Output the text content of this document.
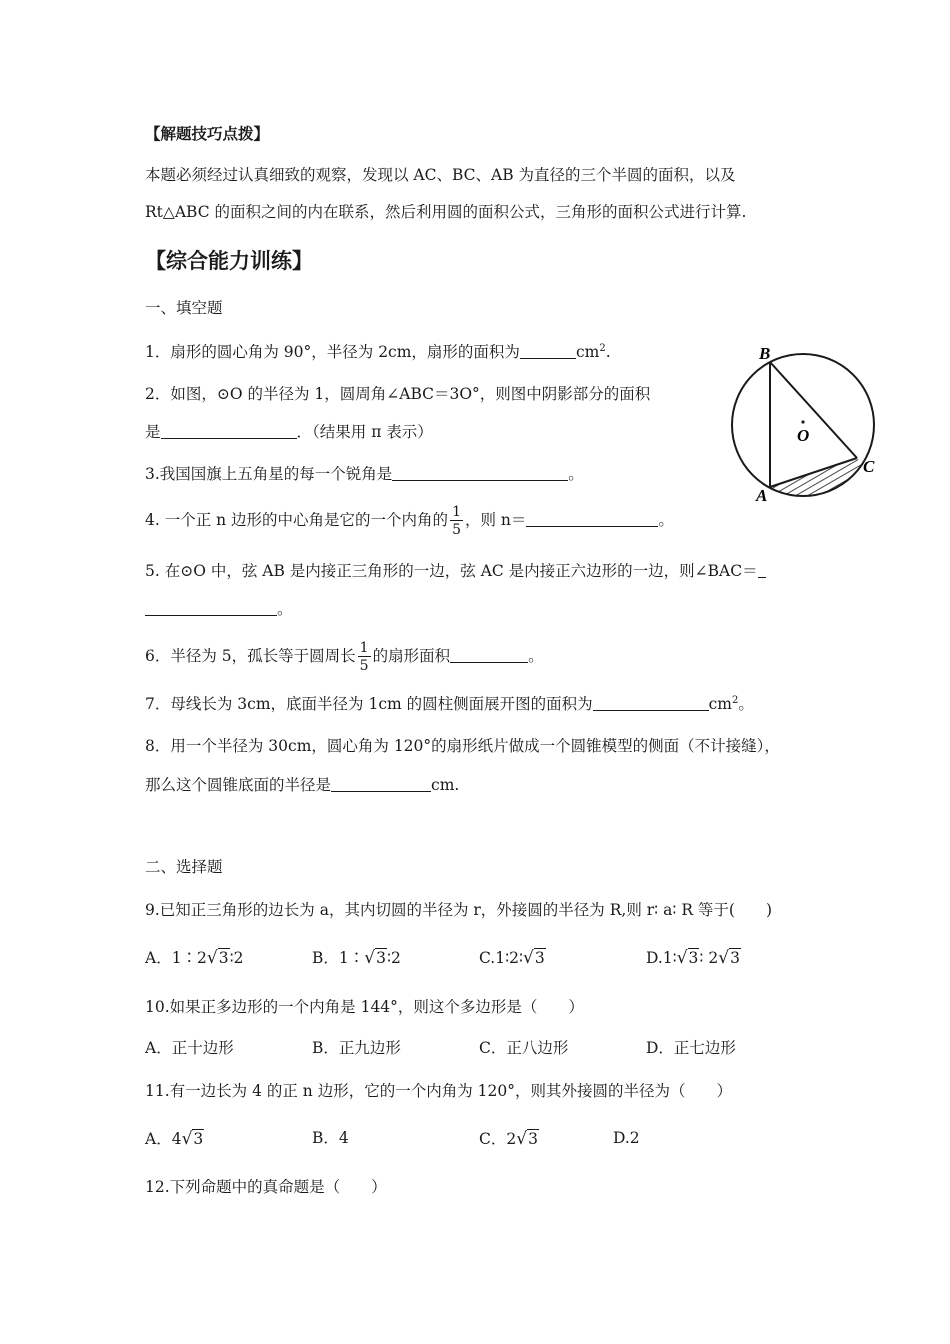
【解题技巧点拨】
本题必须经过认真细致的观察，发现以 AC、BC、AB 为直径的三个半圆的面积，以及
Rt△ABC 的面积之间的内在联系，然后利用圆的面积公式，三角形的面积公式进行计算.
【综合能力训练】
一、填空题
1．扇形的圆心角为 90°，半径为 2cm，扇形的面积为	$cm^2$.
2．如图，⊙O 的半径为 1，圆周角∠ABC＝3O°，则图中阴影部分的面积
是	．（结果用 π 表示）
3.我国国旗上五角星的每一个锐角是	。
4. 一个正 n 边形的中心角是它的一个内角的 $\frac{1}{5}$ ，则 n＝	。
5. 在⊙O 中，弦 AB 是内接正三角形的一边，弦 AC 是内接正六边形的一边，则∠BAC＝
。
6．半径为 5，孤长等于圆周长 $\frac{1}{5}$ 的扇形面积	。
7．母线长为 3cm，底面半径为 1cm 的圆柱侧面展开图的面积为	$cm^2$。
8．用一个半径为 30cm，圆心角为 120°的扇形纸片做成一个圆锥模型的侧面（不计接缝），
那么这个圆锥底面的半径是	cm.
B
A
C
O
二、选择题
9.已知正三角形的边长为 a，其内切圆的半径为 r，外接圆的半径为 R,则 r∶ a∶ R 等于(　　)
A．1∶2√3∶2	B．1∶√3∶2	C.1∶2∶√3	D.1∶√3∶ 2√3
10.如果正多边形的一个内角是 144°，则这个多边形是（　　）
A．正十边形	B．正九边形	C．正八边形	D．正七边形
11.有一边长为 4 的正 n 边形，它的一个内角为 120°，则其外接圆的半径为（　　）
A．4√3	B．4	C．2√3	D.2
12.下列命题中的真命题是（　　）
